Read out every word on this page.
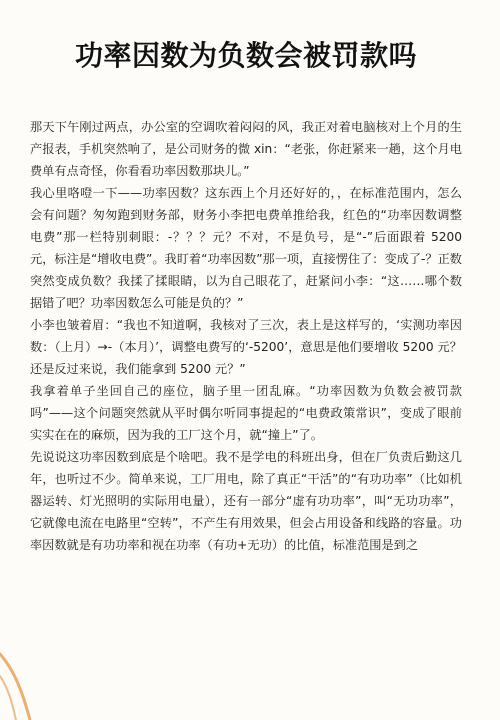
功率因数为负数会被罚款吗

那天下午刚过两点，办公室的空调吹着闷闷的风，我正对着电脑核对上个月的生产报表，手机突然响了，是公司财务的微 xin：“老张，你赶紧来一趟，这个月电费单有点奇怪，你看看功率因数那块儿。”

我心里咯噔一下——功率因数？这东西上个月还好好的，，在标准范围内，怎么会有问题？匆匆跑到财务部，财务小李把电费单推给我，红色的“功率因数调整电费”那一栏特别刺眼：-？？？元？不对，不是负号，是“-”后面跟着 5200 元，标注是“增收电费”。我盯着“功率因数”那一项，直接愣住了：变成了-？正数突然变成负数？我揉了揉眼睛，以为自己眼花了，赶紧问小李：“这……哪个数据错了吧？功率因数怎么可能是负的？”

小李也皱着眉：“我也不知道啊，我核对了三次，表上是这样写的，‘实测功率因数：（上月）→-（本月）’，调整电费写的‘-5200’，意思是他们要增收 5200 元？还是反过来说，我们能拿到 5200 元？”

我拿着单子坐回自己的座位，脑子里一团乱麻。“功率因数为负数会被罚款吗”——这个问题突然就从平时偶尔听同事提起的“电费政策常识”，变成了眼前实实在在的麻烦，因为我的工厂这个月，就“撞上”了。

先说说这功率因数到底是个啥吧。我不是学电的科班出身，但在厂负责后勤这几年，也听过不少。简单来说，工厂用电，除了真正“干活”的“有功功率”（比如机器运转、灯光照明的实际用电量），还有一部分“虚有功功率”，叫“无功功率”，它就像电流在电路里“空转”，不产生有用效果，但会占用设备和线路的容量。功率因数就是有功功率和视在功率（有功+无功）的比值，标准范围是到之
